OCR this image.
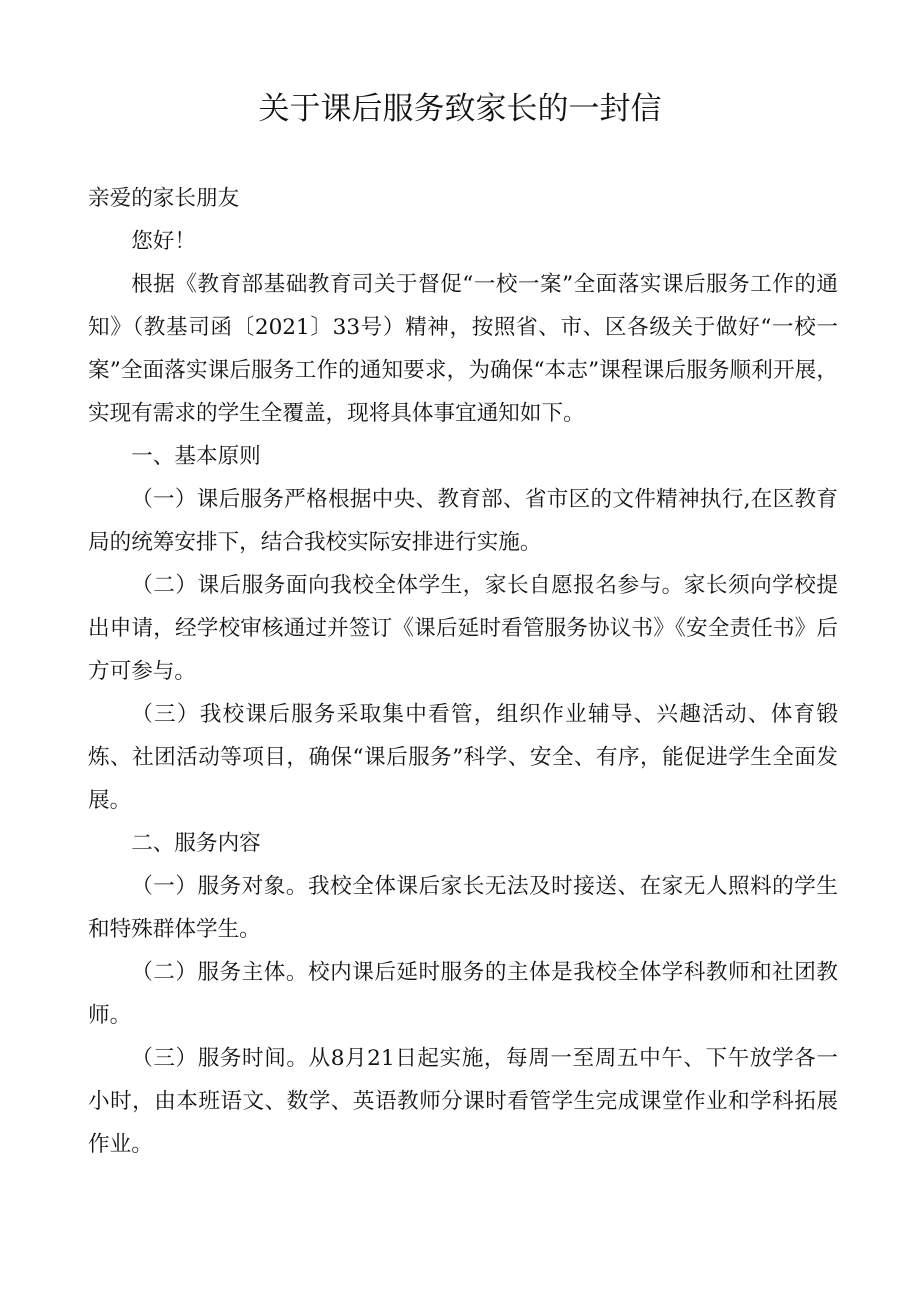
关于课后服务致家长的一封信

亲爱的家长朋友

您好！

根据《教育部基础教育司关于督促“一校一案”全面落实课后服务工作的通知》（教基司函〔2021〕33号）精神，按照省、市、区各级关于做好“一校一案”全面落实课后服务工作的通知要求，为确保“本志”课程课后服务顺利开展，实现有需求的学生全覆盖，现将具体事宜通知如下。

一、基本原则

（一）课后服务严格根据中央、教育部、省市区的文件精神执行,在区教育局的统筹安排下，结合我校实际安排进行实施。

（二）课后服务面向我校全体学生，家长自愿报名参与。家长须向学校提出申请，经学校审核通过并签订《课后延时看管服务协议书》《安全责任书》后方可参与。

（三）我校课后服务采取集中看管，组织作业辅导、兴趣活动、体育锻炼、社团活动等项目，确保“课后服务”科学、安全、有序，能促进学生全面发展。

二、服务内容

（一）服务对象。我校全体课后家长无法及时接送、在家无人照料的学生和特殊群体学生。

（二）服务主体。校内课后延时服务的主体是我校全体学科教师和社团教师。

（三）服务时间。从8月21日起实施，每周一至周五中午、下午放学各一小时，由本班语文、数学、英语教师分课时看管学生完成课堂作业和学科拓展作业。
